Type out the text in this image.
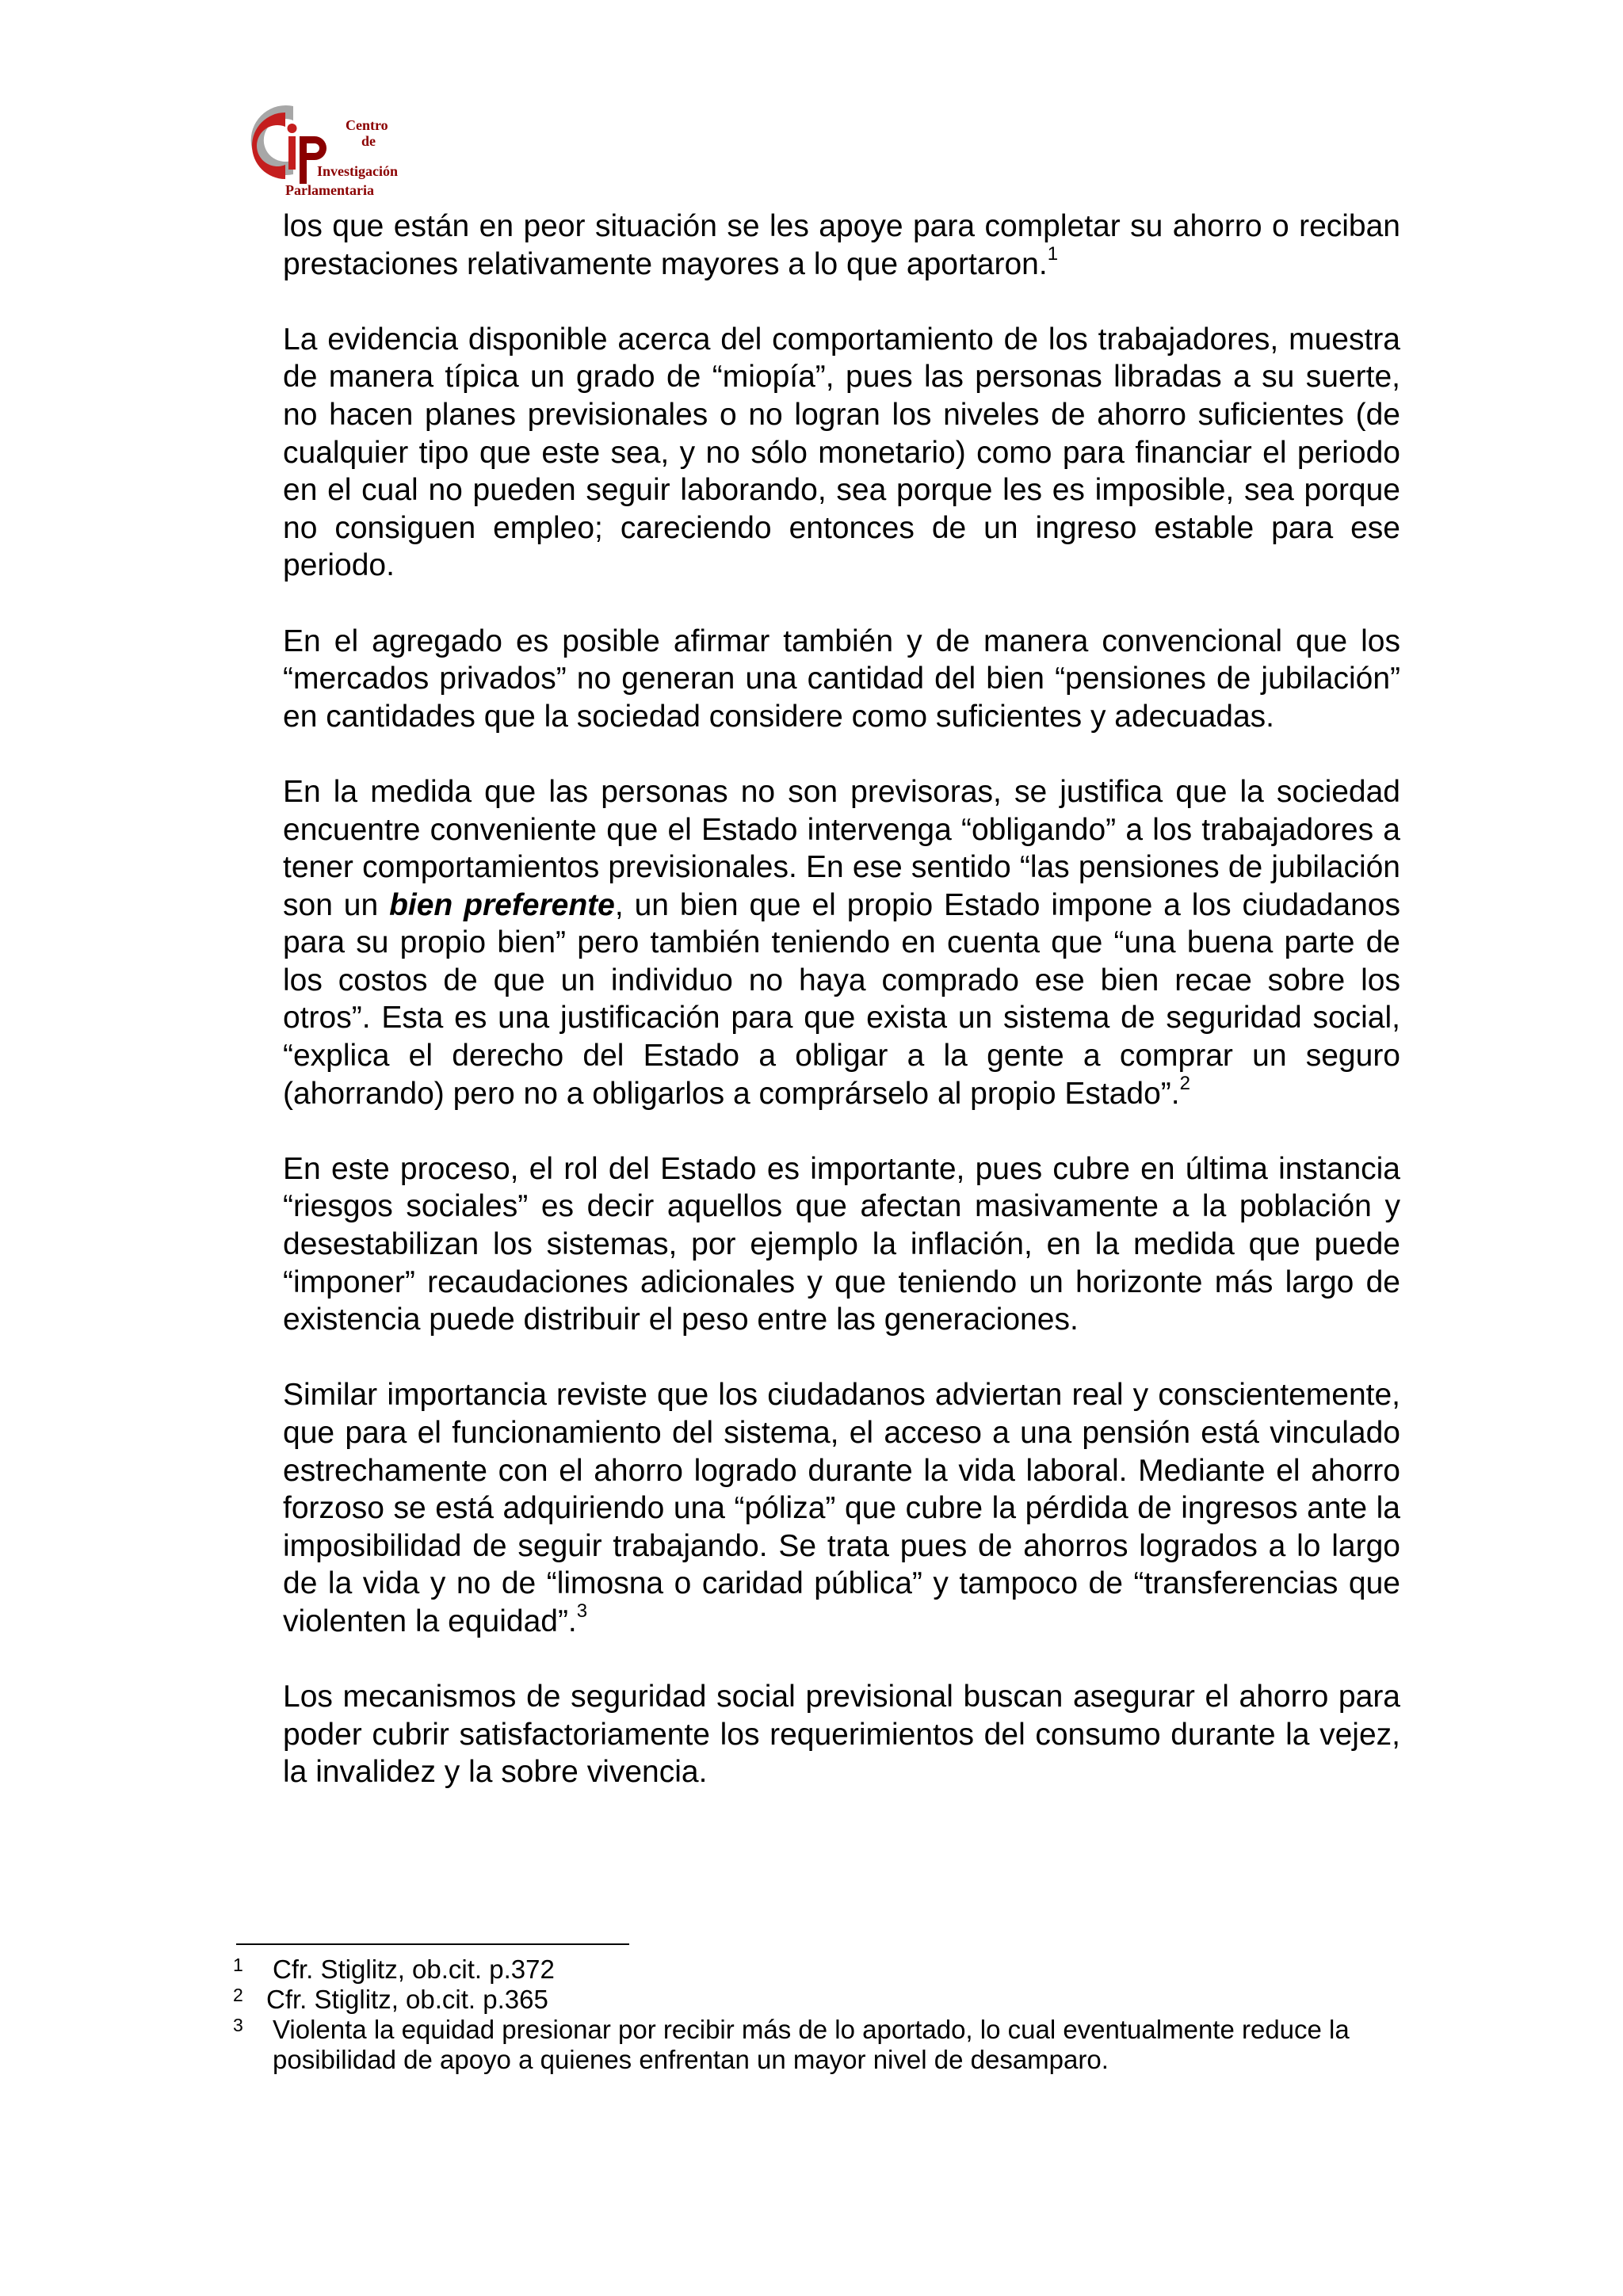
CIP
Centro
de
Investigación
Parlamentaria

los que están en peor situación se les apoye para completar su ahorro o reciban prestaciones relativamente mayores a lo que aportaron.$^1$

La evidencia disponible acerca del comportamiento de los trabajadores, muestra de manera típica un grado de “miopía”, pues las personas libradas a su suerte, no hacen planes previsionales o no logran los niveles de ahorro suficientes (de cualquier tipo que este sea, y no sólo monetario) como para financiar el periodo en el cual no pueden seguir laborando, sea porque les es imposible, sea porque no consiguen empleo; careciendo entonces de un ingreso estable para ese periodo.

En el agregado es posible afirmar también y de manera convencional que los “mercados privados” no generan una cantidad del bien “pensiones de jubilación” en cantidades que la sociedad considere como suficientes y adecuadas.

En la medida que las personas no son previsoras, se justifica que la sociedad encuentre conveniente que el Estado intervenga “obligando” a los trabajadores a tener comportamientos previsionales. En ese sentido “las pensiones de jubilación son un bien preferente, un bien que el propio Estado impone a los ciudadanos para su propio bien” pero también teniendo en cuenta que “una buena parte de los costos de que un individuo no haya comprado ese bien recae sobre los otros”. Esta es una justificación para que exista un sistema de seguridad social, “explica el derecho del Estado a obligar a la gente a comprar un seguro (ahorrando) pero no a obligarlos a comprárselo al propio Estado”.$^2$

En este proceso, el rol del Estado es importante, pues cubre en última instancia “riesgos sociales” es decir aquellos que afectan masivamente a la población y desestabilizan los sistemas, por ejemplo la inflación, en la medida que puede “imponer” recaudaciones adicionales y que teniendo un horizonte más largo de existencia puede distribuir el peso entre las generaciones.

Similar importancia reviste que los ciudadanos adviertan real y conscientemente, que para el funcionamiento del sistema, el acceso a una pensión está vinculado estrechamente con el ahorro logrado durante la vida laboral. Mediante el ahorro forzoso se está adquiriendo una “póliza” que cubre la pérdida de ingresos ante la imposibilidad de seguir trabajando. Se trata pues de ahorros logrados a lo largo de la vida y no de “limosna o caridad pública” y tampoco de “transferencias que violenten la equidad”.$^3$

Los mecanismos de seguridad social previsional buscan asegurar el ahorro para poder cubrir satisfactoriamente los requerimientos del consumo durante la vejez, la invalidez y la sobre vivencia.

1 Cfr. Stiglitz, ob.cit. p.372
2 Cfr. Stiglitz, ob.cit. p.365
3 Violenta la equidad presionar por recibir más de lo aportado, lo cual eventualmente reduce la posibilidad de apoyo a quienes enfrentan un mayor nivel de desamparo.
